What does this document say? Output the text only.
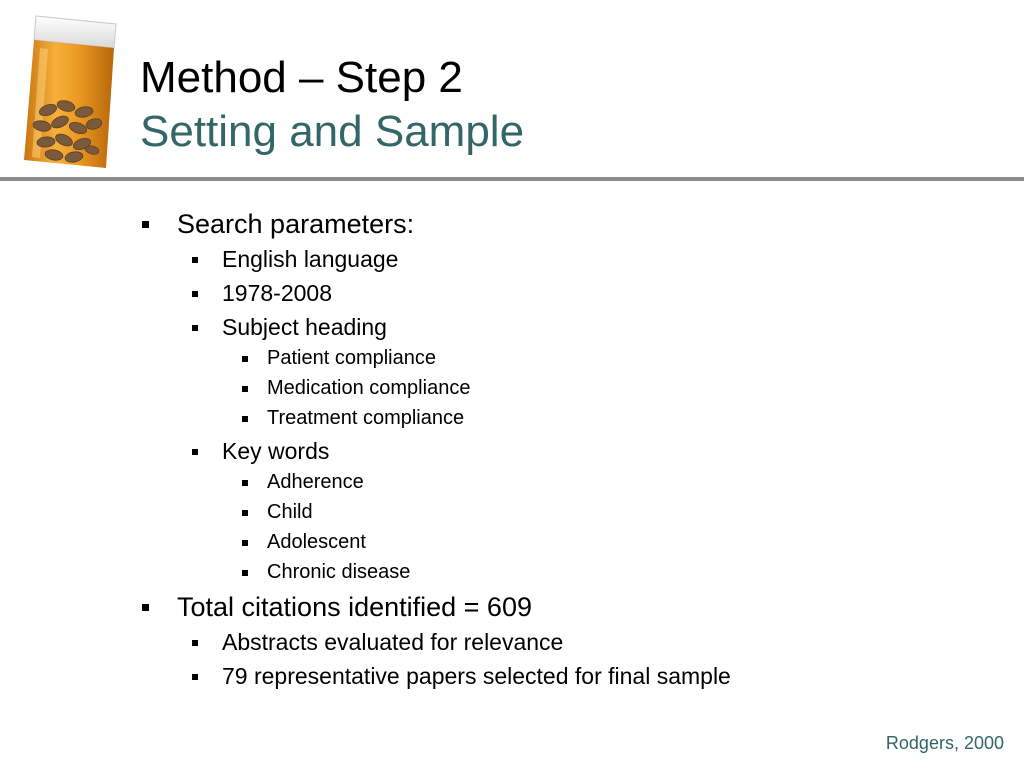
Method – Step 2
Setting and Sample
Search parameters:
English language
1978-2008
Subject heading
Patient compliance
Medication compliance
Treatment compliance
Key words
Adherence
Child
Adolescent
Chronic disease
Total citations identified = 609
Abstracts evaluated for relevance
79 representative papers selected for final sample
Rodgers, 2000
